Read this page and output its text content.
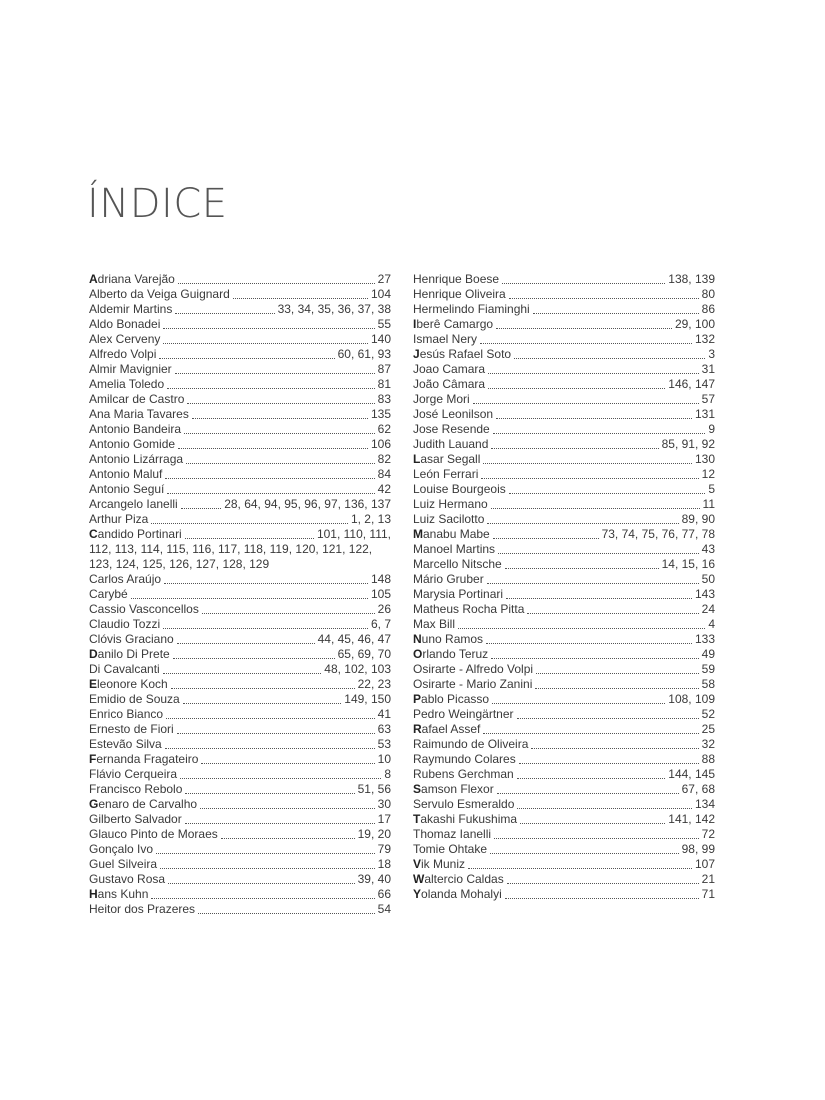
ÍNDICE
Adriana Varejão	27
Alberto da Veiga Guignard	104
Aldemir Martins	33, 34, 35, 36, 37, 38
Aldo Bonadei	55
Alex Cerveny	140
Alfredo Volpi	60, 61, 93
Almir Mavignier	87
Amelia Toledo	81
Amilcar de Castro	83
Ana Maria Tavares	135
Antonio Bandeira	62
Antonio Gomide	106
Antonio Lizárraga	82
Antonio Maluf	84
Antonio Seguí	42
Arcangelo Ianelli	28, 64, 94, 95, 96, 97, 136, 137
Arthur Piza	1, 2, 13
Candido Portinari	101, 110, 111,
112, 113, 114, 115, 116, 117, 118, 119, 120, 121, 122,
123, 124, 125, 126, 127, 128, 129
Carlos Araújo	148
Carybé	105
Cassio Vasconcellos	26
Claudio Tozzi	6, 7
Clóvis Graciano	44, 45, 46, 47
Danilo Di Prete	65, 69, 70
Di Cavalcanti	48, 102, 103
Eleonore Koch	22, 23
Emidio de Souza	149, 150
Enrico Bianco	41
Ernesto de Fiori	63
Estevão Silva	53
Fernanda Fragateiro	10
Flávio Cerqueira	8
Francisco Rebolo	51, 56
Genaro de Carvalho	30
Gilberto Salvador	17
Glauco Pinto de Moraes	19, 20
Gonçalo Ivo	79
Guel Silveira	18
Gustavo Rosa	39, 40
Hans Kuhn	66
Heitor dos Prazeres	54
Henrique Boese	138, 139
Henrique Oliveira	80
Hermelindo Fiaminghi	86
Iberê Camargo	29, 100
Ismael Nery	132
Jesús Rafael Soto	3
Joao Camara	31
João Câmara	146, 147
Jorge Mori	57
José Leonilson	131
Jose Resende	9
Judith Lauand	85, 91, 92
Lasar Segall	130
León Ferrari	12
Louise Bourgeois	5
Luiz Hermano	11
Luiz Sacilotto	89, 90
Manabu Mabe	73, 74, 75, 76, 77, 78
Manoel Martins	43
Marcello Nitsche	14, 15, 16
Mário Gruber	50
Marysia Portinari	143
Matheus Rocha Pitta	24
Max Bill	4
Nuno Ramos	133
Orlando Teruz	49
Osirarte - Alfredo Volpi	59
Osirarte - Mario Zanini	58
Pablo Picasso	108, 109
Pedro Weingärtner	52
Rafael Assef	25
Raimundo de Oliveira	32
Raymundo Colares	88
Rubens Gerchman	144, 145
Samson Flexor	67, 68
Servulo Esmeraldo	134
Takashi Fukushima	141, 142
Thomaz Ianelli	72
Tomie Ohtake	98, 99
Vik Muniz	107
Waltercio Caldas	21
Yolanda Mohalyi	71
